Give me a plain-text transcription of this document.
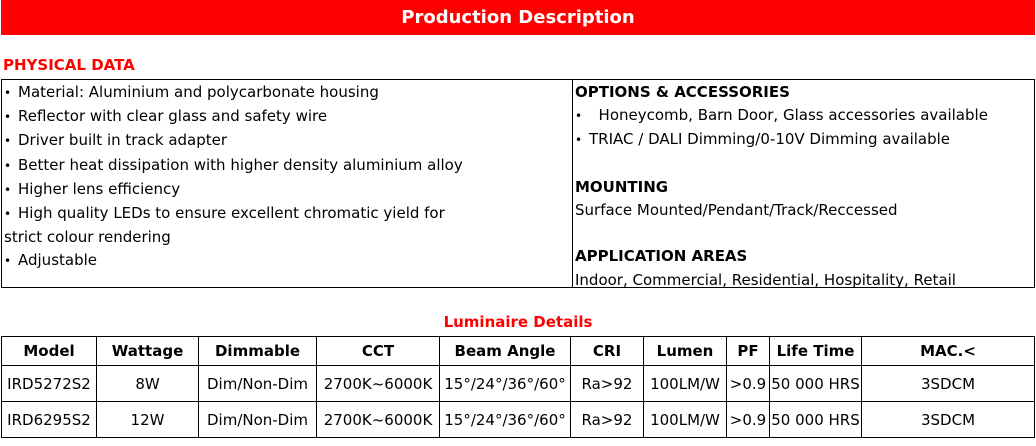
Production Description
PHYSICAL DATA
• Material: Aluminium and polycarbonate housing
• Reflector with clear glass and safety wire
• Driver built in track adapter
• Better heat dissipation with higher density aluminium alloy
• Higher lens efficiency
• High quality LEDs to ensure excellent chromatic yield for
strict colour rendering
• Adjustable
OPTIONS & ACCESSORIES
•   Honeycomb, Barn Door, Glass accessories available
• TRIAC / DALI Dimming/0-10V Dimming available
MOUNTING
Surface Mounted/Pendant/Track/Reccessed
APPLICATION AREAS
Indoor, Commercial, Residential, Hospitality, Retail
Luminaire Details
Model	Wattage	Dimmable	CCT	Beam Angle	CRI	Lumen	PF	Life Time	MAC.<
IRD5272S2	8W	Dim/Non-Dim	2700K~6000K	15°/24°/36°/60°	Ra>92	100LM/W	>0.9	50 000 HRS	3SDCM
IRD6295S2	12W	Dim/Non-Dim	2700K~6000K	15°/24°/36°/60°	Ra>92	100LM/W	>0.9	50 000 HRS	3SDCM
